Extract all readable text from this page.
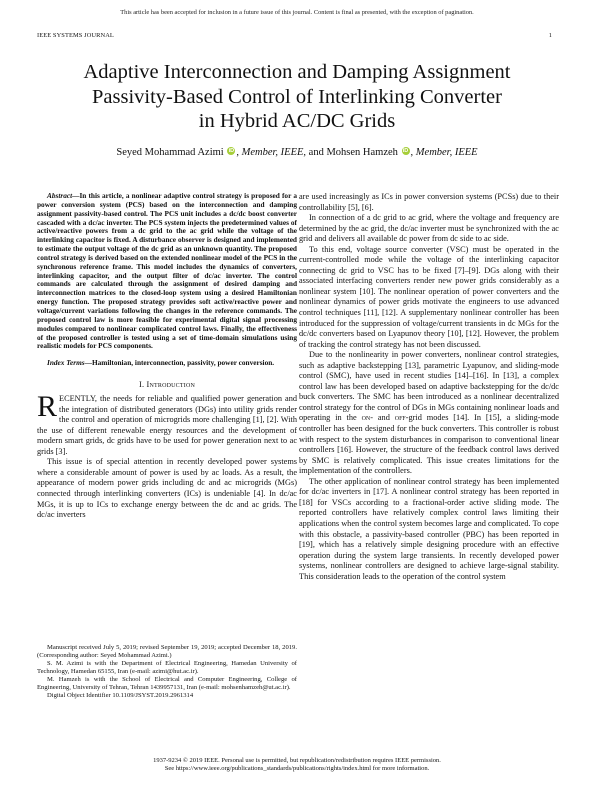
This article has been accepted for inclusion in a future issue of this journal. Content is final as presented, with the exception of pagination.
IEEE SYSTEMS JOURNAL	1
Adaptive Interconnection and Damping Assignment
Passivity-Based Control of Interlinking Converter
in Hybrid AC/DC Grids
Seyed Mohammad Azimi iD , Member, IEEE, and Mohsen Hamzeh iD , Member, IEEE

Abstract—In this article, a nonlinear adaptive control strategy is proposed for a power conversion system (PCS) based on the interconnection and damping assignment passivity-based control. The PCS unit includes a dc/dc boost converter cascaded with a dc/ac inverter. The PCS system injects the predetermined values of active/reactive powers from a dc grid to the ac grid while the voltage of the interlinking capacitor is fixed. A disturbance observer is designed and implemented to estimate the output voltage of the dc grid as an unknown quantity. The proposed control strategy is derived based on the extended nonlinear model of the PCS in the synchronous reference frame. This model includes the dynamics of converters, interlinking capacitor, and the output filter of dc/ac inverter. The control commands are calculated through the assignment of desired damping and interconnection matrices to the closed-loop system using a desired Hamiltonian energy function. The proposed strategy provides soft active/reactive power and voltage/current variations following the changes in the reference commands. The proposed control law is more feasible for experimental digital signal processing modules compared to nonlinear complicated control laws. Finally, the effectiveness of the proposed controller is tested using a set of time-domain simulations using realistic models for PCS components.

Index Terms—Hamiltonian, interconnection, passivity, power conversion.

I. Introduction

RECENTLY, the needs for reliable and qualified power generation and the integration of distributed generators (DGs) into utility grids render the control and operation of microgrids more challenging [1], [2]. With the use of different renewable energy resources and the development of modern smart grids, dc grids have to be used for power generation next to ac grids [3].

This issue is of special attention in recently developed power systems where a considerable amount of power is used by ac loads. As a result, the appearance of modern power grids including dc and ac microgrids (MGs) connected through interlinking converters (ICs) is undeniable [4]. In dc/ac MGs, it is up to ICs to exchange energy between the dc and ac grids. The dc/ac inverters

Manuscript received July 5, 2019; revised September 19, 2019; accepted December 18, 2019. (Corresponding author: Seyed Mohammad Azimi.)

S. M. Azimi is with the Department of Electrical Engineering, Hamedan University of Technology, Hamedan 65155, Iran (e-mail: azimi@hut.ac.ir).

M. Hamzeh is with the School of Electrical and Computer Engineering, College of Engineering, University of Tehran, Tehran 1439957131, Iran (e-mail: mohsenhamzeh@ut.ac.ir).

Digital Object Identifier 10.1109/JSYST.2019.2961314

are used increasingly as ICs in power conversion systems (PCSs) due to their controllability [5], [6].

In connection of a dc grid to ac grid, where the voltage and frequency are determined by the ac grid, the dc/ac inverter must be synchronized with the ac grid and delivers all available dc power from dc side to ac side.

To this end, voltage source converter (VSC) must be operated in the current-controlled mode while the voltage of the interlinking capacitor connecting dc grid to VSC has to be fixed [7]–[9]. DGs along with their associated interfacing converters render new power grids considerably as a nonlinear system [10]. The nonlinear operation of power converters and the nonlinear dynamics of power grids motivate the engineers to use advanced control techniques [11], [12]. A supplementary nonlinear controller has been introduced for the suppression of voltage/current transients in dc MGs for the dc/dc converters based on Lyapunov theory [10], [12]. However, the problem of tracking the control strategy has not been discussed.

Due to the nonlinearity in power converters, nonlinear control strategies, such as adaptive backstepping [13], parametric Lyapunov, and sliding-mode control (SMC), have used in recent studies [14]–[16]. In [13], a complex control law has been developed based on adaptive backstepping for the dc/dc buck converters. The SMC has been introduced as a nonlinear decentralized control strategy for the control of DGs in MGs containing nonlinear loads and operating in the on- and off-grid modes [14]. In [15], a sliding-mode controller has been designed for the buck converters. This controller is robust with respect to the system disturbances in comparison to conventional linear controllers [16]. However, the structure of the feedback control laws derived by SMC is relatively complicated. This issue creates limitations for the implementation of the controllers.

The other application of nonlinear control strategy has been implemented for dc/ac inverters in [17]. A nonlinear control strategy has been reported in [18] for VSCs according to a fractional-order active sliding mode. The reported controllers have relatively complex control laws limiting their applications when the control system becomes large and complicated. To cope with this obstacle, a passivity-based controller (PBC) has been reported in [19], which has a relatively simple designing procedure with an effective operation during the system large transients. In recently developed power systems, nonlinear controllers are designed to achieve large-signal stability. This consideration leads to the operation of the control system

1937-9234 © 2019 IEEE. Personal use is permitted, but republication/redistribution requires IEEE permission.
See https://www.ieee.org/publications_standards/publications/rights/index.html for more information.
